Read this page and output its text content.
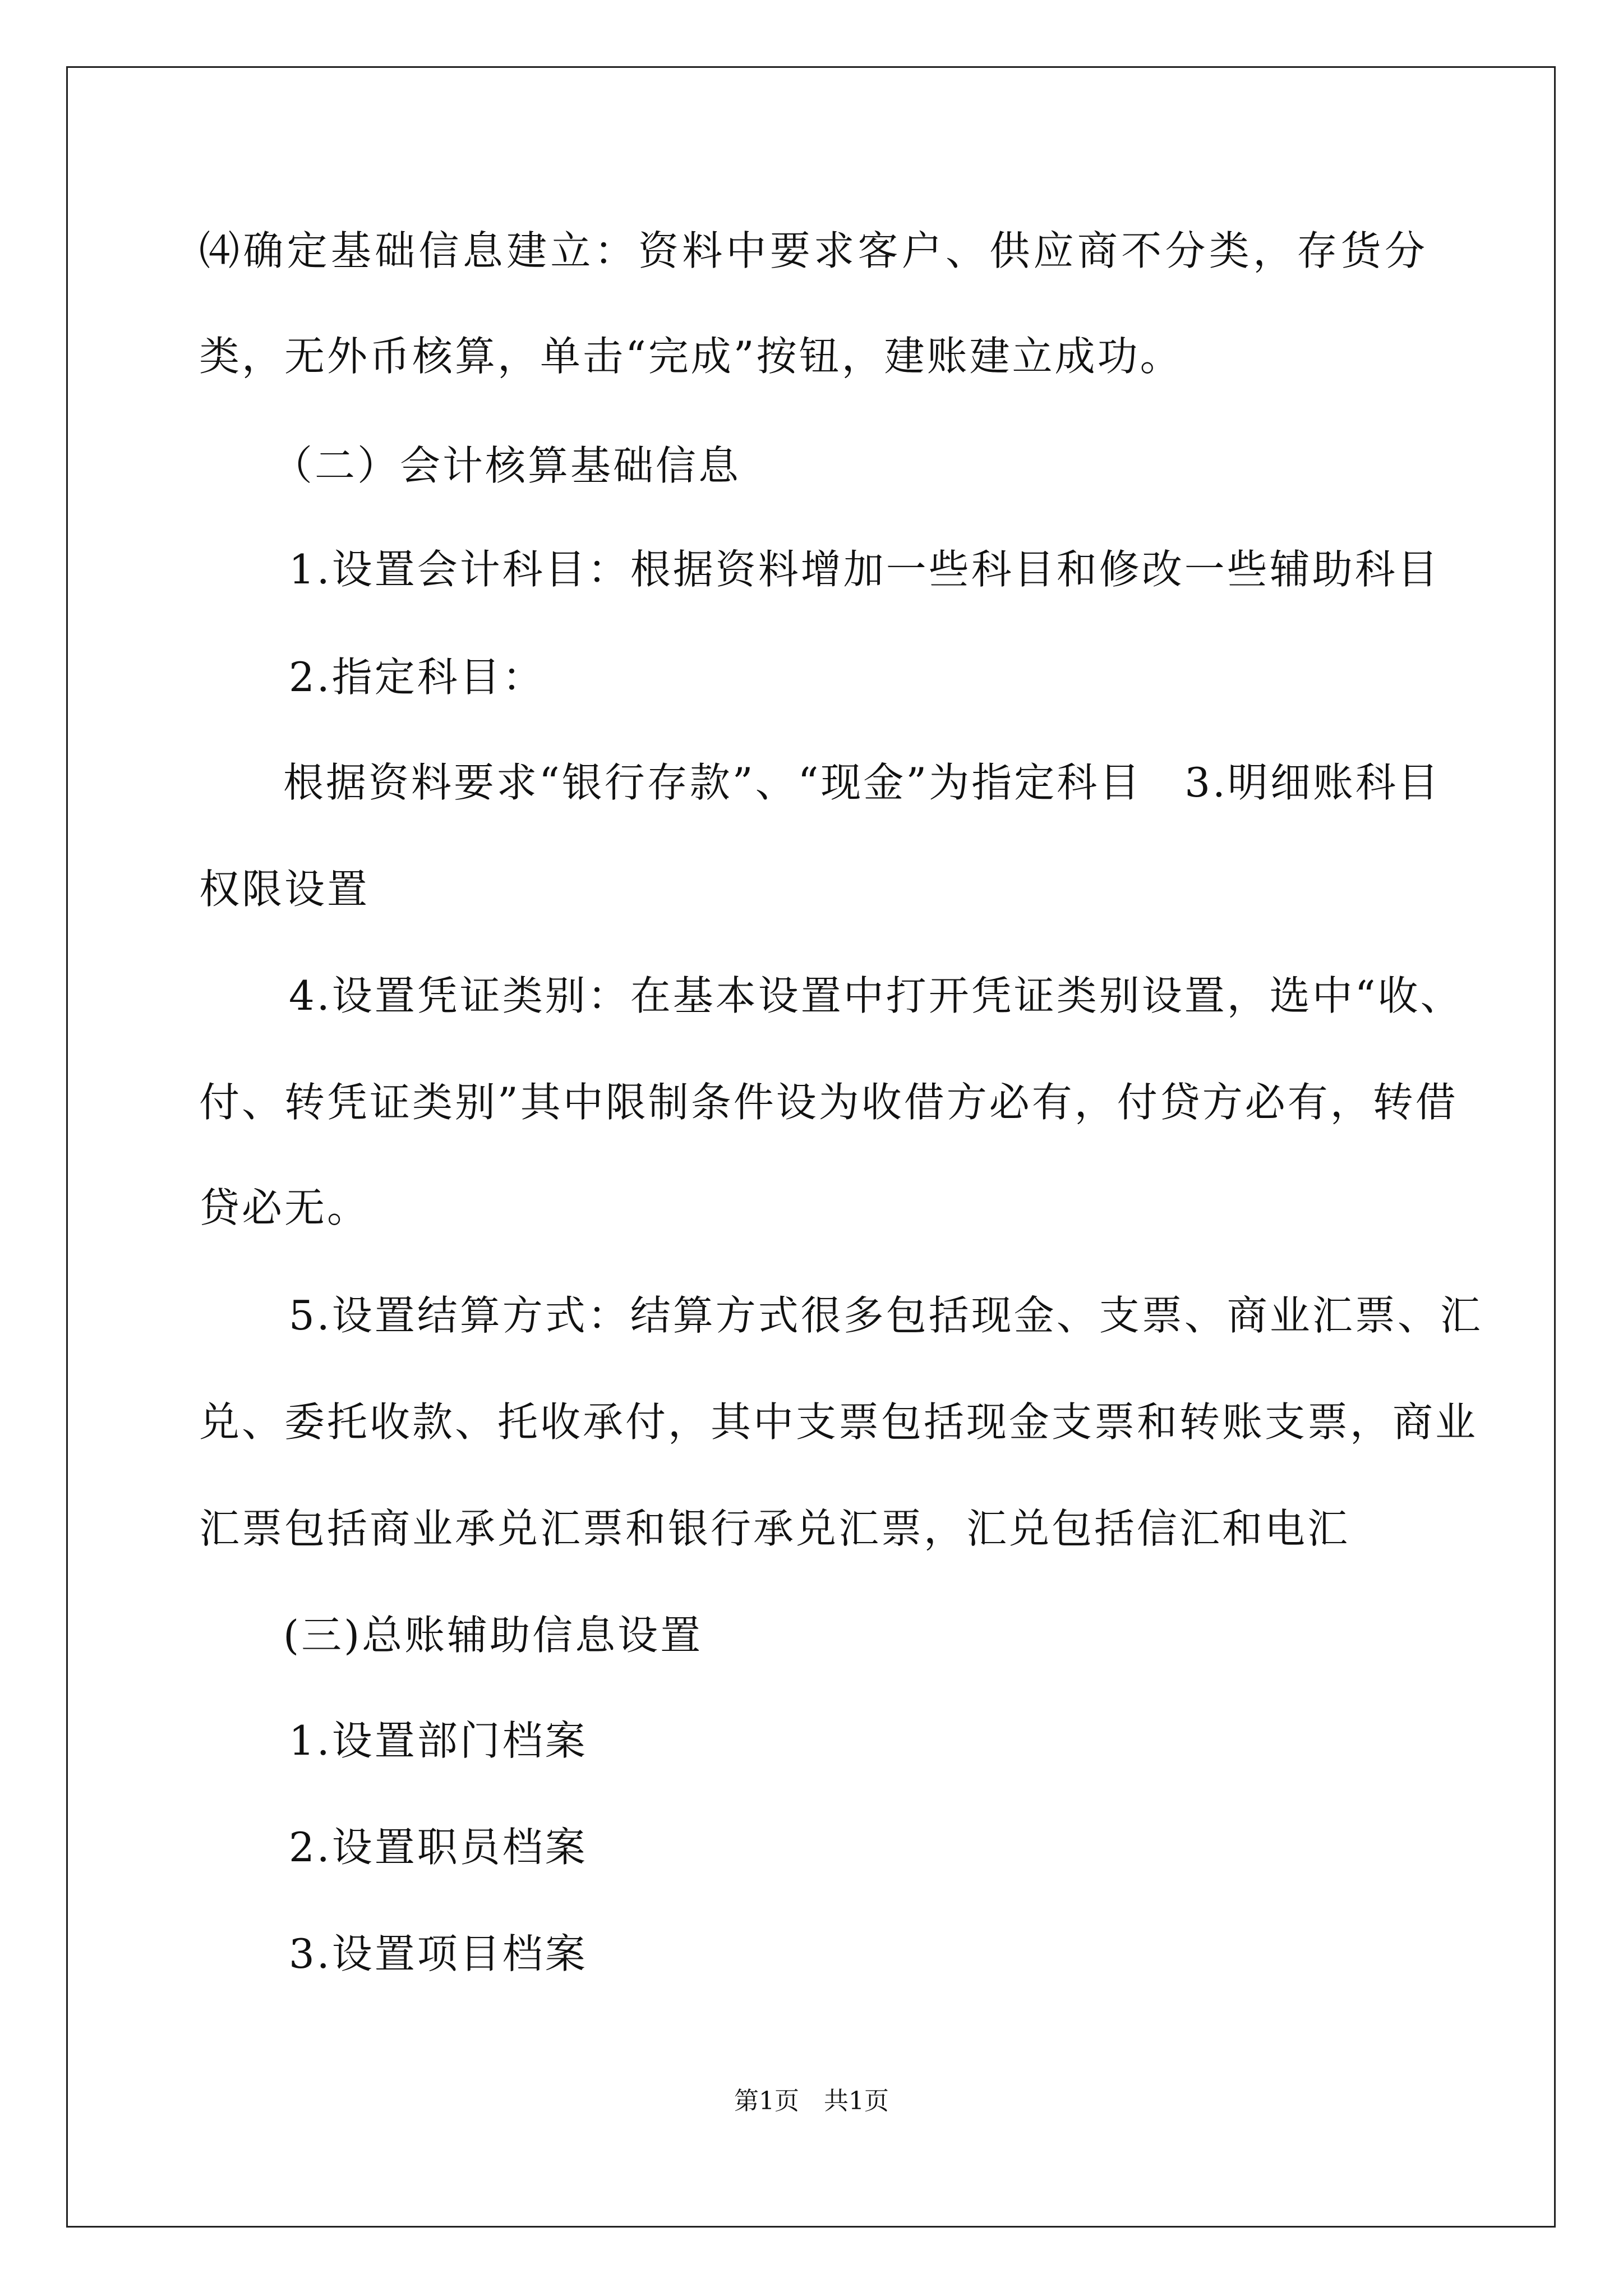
⑷确定基础信息建立：资料中要求客户、供应商不分类，存货分
类，无外币核算，单击“完成”按钮，建账建立成功。
（二）会计核算基础信息
1.设置会计科目：根据资料增加一些科目和修改一些辅助科目
2.指定科目：
根据资料要求“银行存款”、“现金”为指定科目　3.明细账科目
权限设置
4.设置凭证类别：在基本设置中打开凭证类别设置，选中“收、
付、转凭证类别”其中限制条件设为收借方必有，付贷方必有，转借
贷必无。
5.设置结算方式：结算方式很多包括现金、支票、商业汇票、汇
兑、委托收款、托收承付，其中支票包括现金支票和转账支票，商业
汇票包括商业承兑汇票和银行承兑汇票，汇兑包括信汇和电汇
(三)总账辅助信息设置
1.设置部门档案
2.设置职员档案
3.设置项目档案
第1页　共1页
